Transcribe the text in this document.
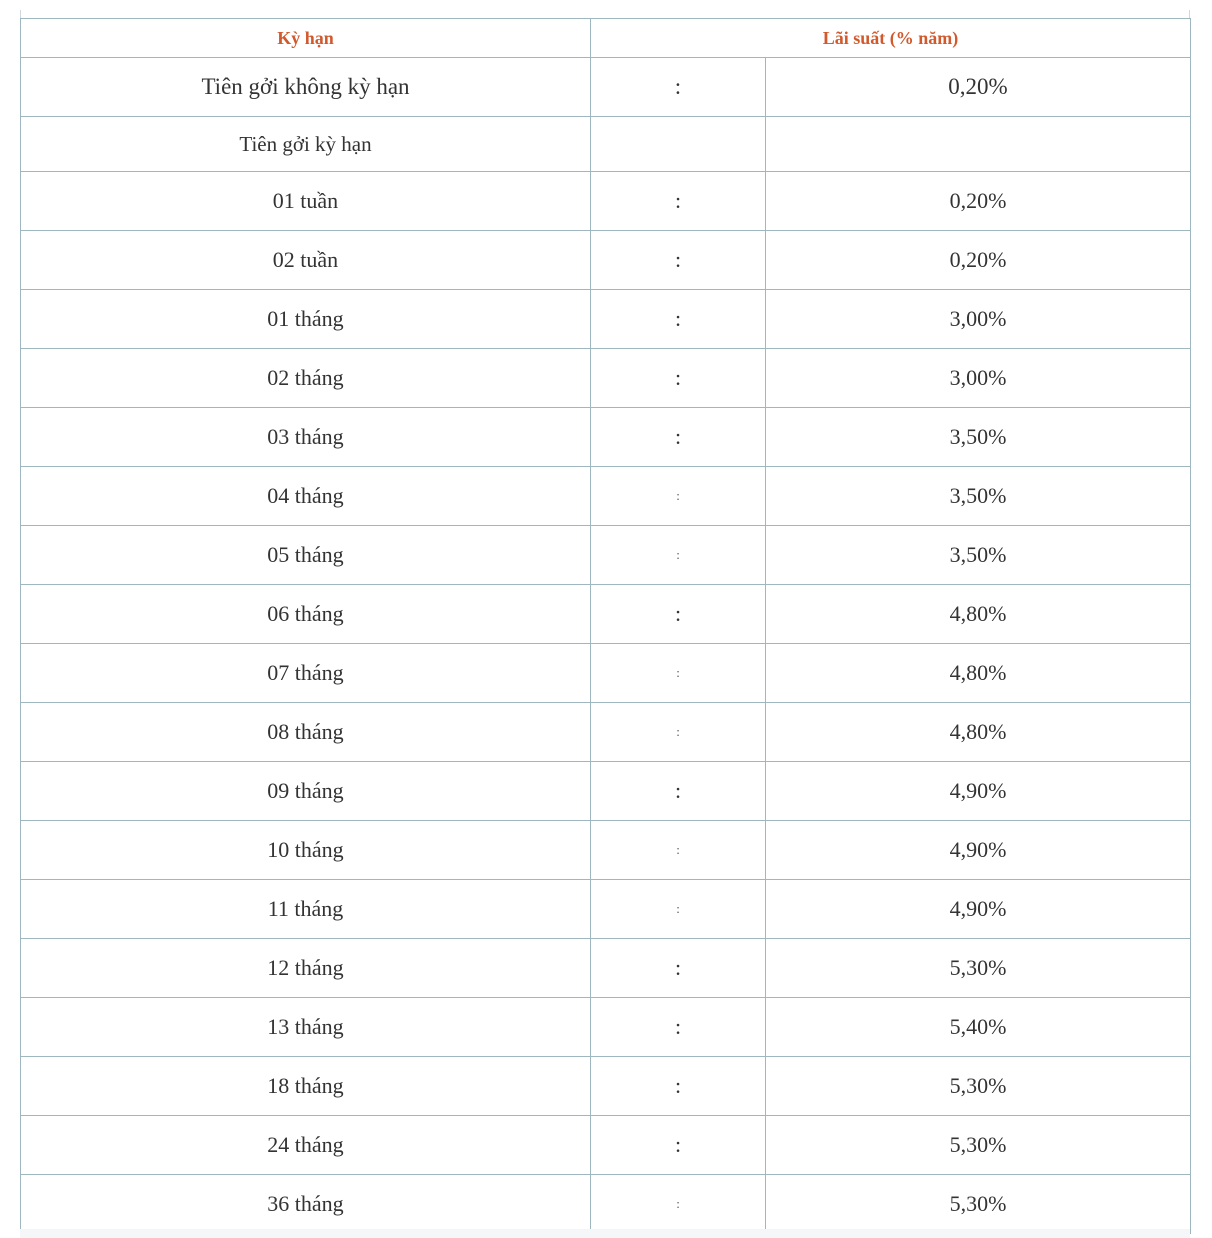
Kỳ hạn	Lãi suất (% năm)	
Tiên gởi không kỳ hạn	:	0,20%
Tiên gởi kỳ hạn		
01 tuần	:	0,20%
02 tuần	:	0,20%
01 tháng	:	3,00%
02 tháng	:	3,00%
03 tháng	:	3,50%
04 tháng	:	3,50%
05 tháng	:	3,50%
06 tháng	:	4,80%
07 tháng	:	4,80%
08 tháng	:	4,80%
09 tháng	:	4,90%
10 tháng	:	4,90%
11 tháng	:	4,90%
12 tháng	:	5,30%
13 tháng	:	5,40%
18 tháng	:	5,30%
24 tháng	:	5,30%
36 tháng	:	5,30%
